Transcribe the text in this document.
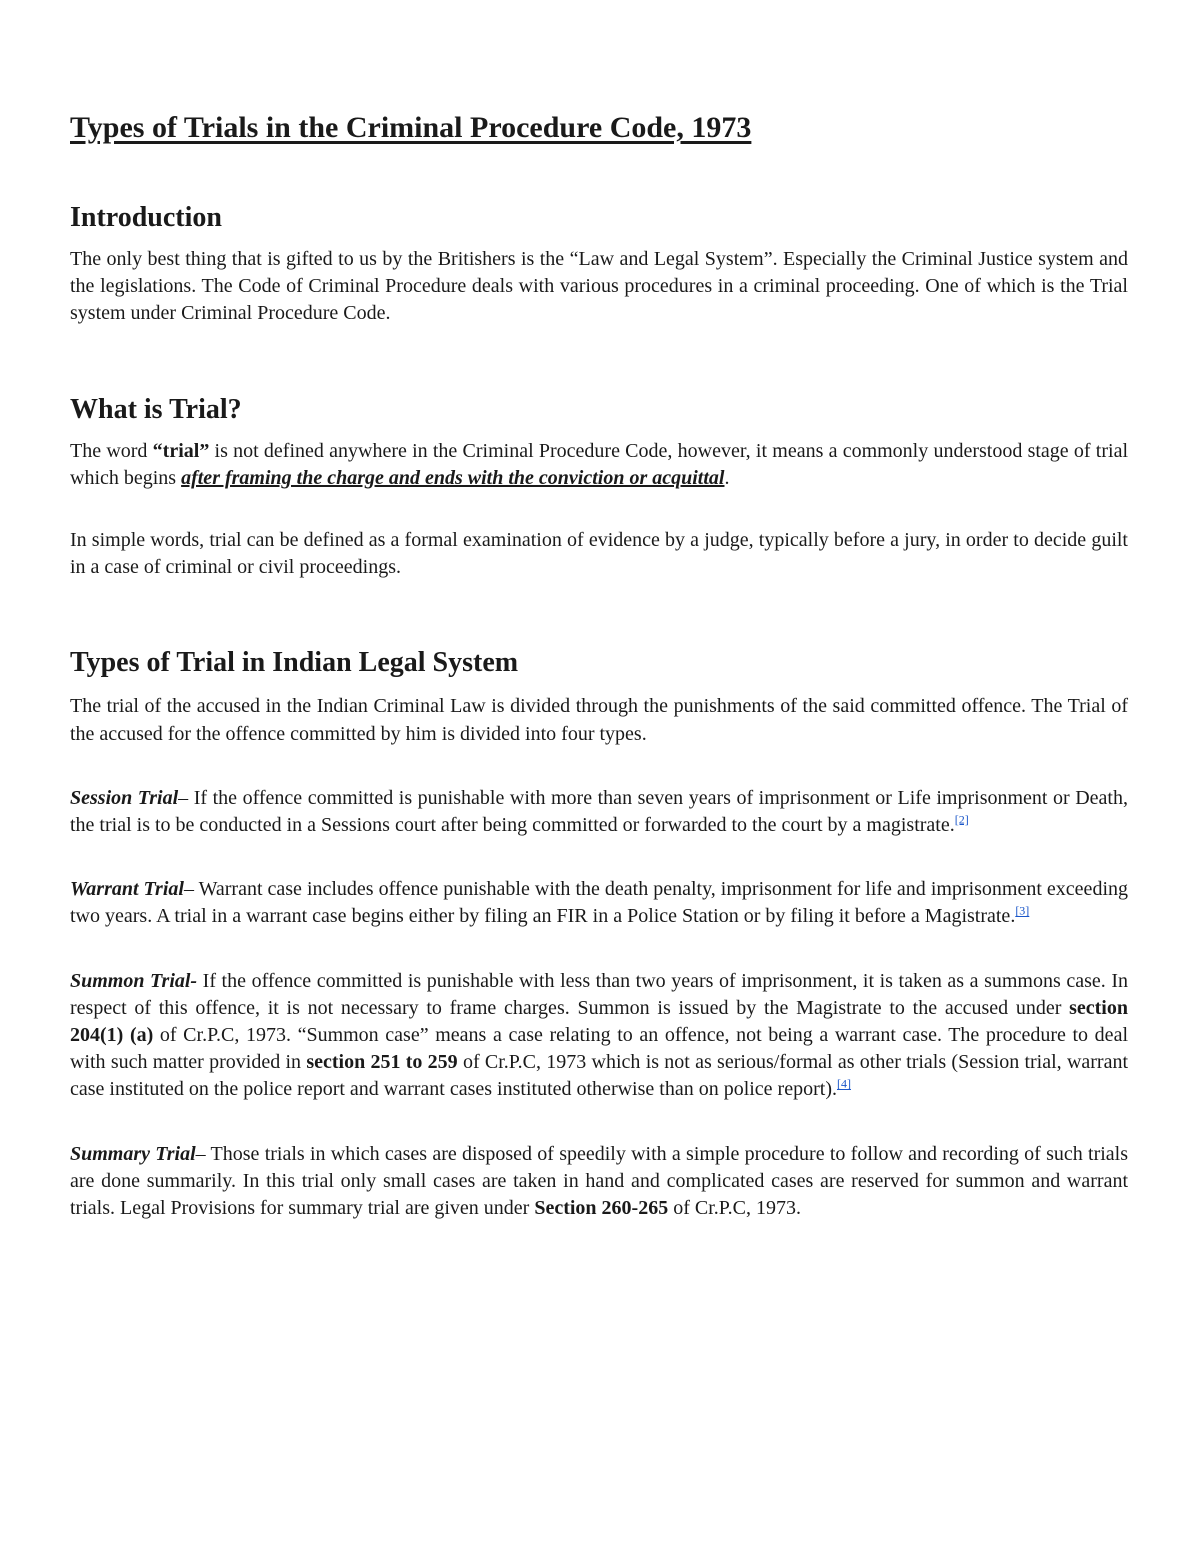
Types of Trials in the Criminal Procedure Code, 1973
Introduction

The only best thing that is gifted to us by the Britishers is the “Law and Legal System”. Especially the Criminal Justice system and the legislations. The Code of Criminal Procedure deals with various procedures in a criminal proceeding. One of which is the Trial system under Criminal Procedure Code.

What is Trial?

The word “trial” is not defined anywhere in the Criminal Procedure Code, however, it means a commonly understood stage of trial which begins after framing the charge and ends with the conviction or acquittal.

In simple words, trial can be defined as a formal examination of evidence by a judge, typically before a jury, in order to decide guilt in a case of criminal or civil proceedings.

Types of Trial in Indian Legal System

The trial of the accused in the Indian Criminal Law is divided through the punishments of the said committed offence. The Trial of the accused for the offence committed by him is divided into four types.

Session Trial– If the offence committed is punishable with more than seven years of imprisonment or Life imprisonment or Death, the trial is to be conducted in a Sessions court after being committed or forwarded to the court by a magistrate.[2]

Warrant Trial– Warrant case includes offence punishable with the death penalty, imprisonment for life and imprisonment exceeding two years. A trial in a warrant case begins either by filing an FIR in a Police Station or by filing it before a Magistrate.[3]

Summon Trial- If the offence committed is punishable with less than two years of imprisonment, it is taken as a summons case. In respect of this offence, it is not necessary to frame charges. Summon is issued by the Magistrate to the accused under section 204(1) (a) of Cr.P.C, 1973. “Summon case” means a case relating to an offence, not being a warrant case. The procedure to deal with such matter provided in section 251 to 259 of Cr.P.C, 1973 which is not as serious/formal as other trials (Session trial, warrant case instituted on the police report and warrant cases instituted otherwise than on police report).[4]

Summary Trial– Those trials in which cases are disposed of speedily with a simple procedure to follow and recording of such trials are done summarily. In this trial only small cases are taken in hand and complicated cases are reserved for summon and warrant trials. Legal Provisions for summary trial are given under Section 260-265 of Cr.P.C, 1973.
